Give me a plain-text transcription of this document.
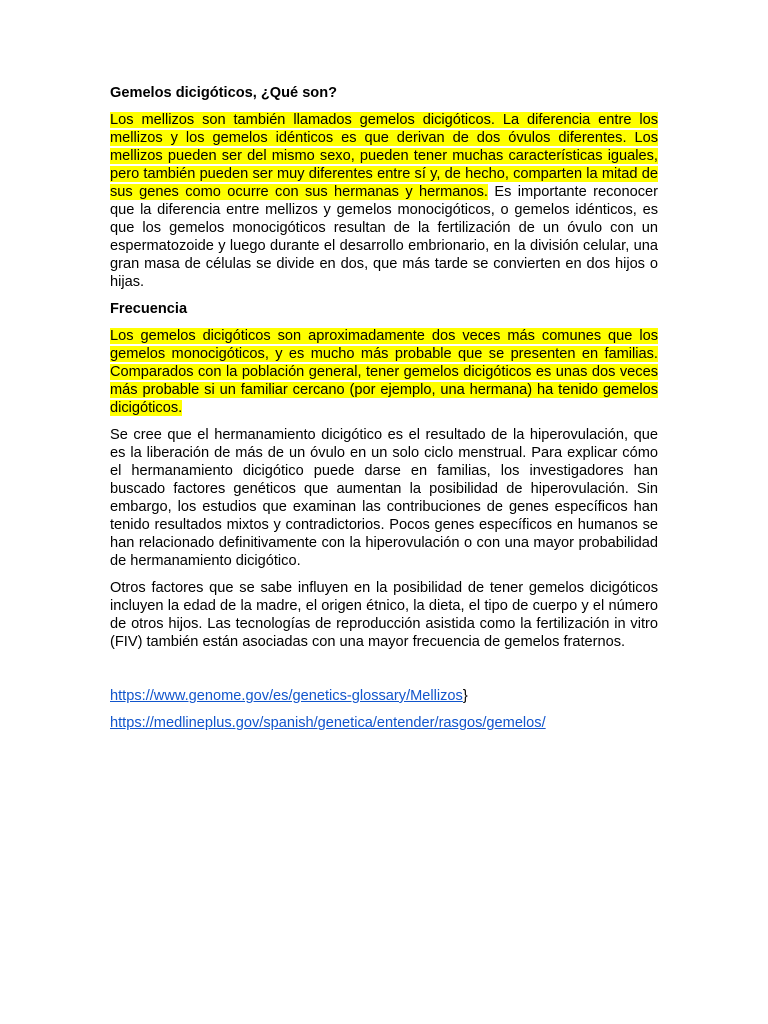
Gemelos dicigóticos, ¿Qué son?

Los mellizos son también llamados gemelos dicigóticos. La diferencia entre los mellizos y los gemelos idénticos es que derivan de dos óvulos diferentes. Los mellizos pueden ser del mismo sexo, pueden tener muchas características iguales, pero también pueden ser muy diferentes entre sí y, de hecho, comparten la mitad de sus genes como ocurre con sus hermanas y hermanos. Es importante reconocer que la diferencia entre mellizos y gemelos monocigóticos, o gemelos idénticos, es que los gemelos monocigóticos resultan de la fertilización de un óvulo con un espermatozoide y luego durante el desarrollo embrionario, en la división celular, una gran masa de células se divide en dos, que más tarde se convierten en dos hijos o hijas.

Frecuencia

Los gemelos dicigóticos son aproximadamente dos veces más comunes que los gemelos monocigóticos, y es mucho más probable que se presenten en familias. Comparados con la población general, tener gemelos dicigóticos es unas dos veces más probable si un familiar cercano (por ejemplo, una hermana) ha tenido gemelos dicigóticos.

Se cree que el hermanamiento dicigótico es el resultado de la hiperovulación, que es la liberación de más de un óvulo en un solo ciclo menstrual. Para explicar cómo el hermanamiento dicigótico puede darse en familias, los investigadores han buscado factores genéticos que aumentan la posibilidad de hiperovulación. Sin embargo, los estudios que examinan las contribuciones de genes específicos han tenido resultados mixtos y contradictorios. Pocos genes específicos en humanos se han relacionado definitivamente con la hiperovulación o con una mayor probabilidad de hermanamiento dicigótico.

Otros factores que se sabe influyen en la posibilidad de tener gemelos dicigóticos incluyen la edad de la madre, el origen étnico, la dieta, el tipo de cuerpo y el número de otros hijos. Las tecnologías de reproducción asistida como la fertilización in vitro (FIV) también están asociadas con una mayor frecuencia de gemelos fraternos.

https://www.genome.gov/es/genetics-glossary/Mellizos}

https://medlineplus.gov/spanish/genetica/entender/rasgos/gemelos/
